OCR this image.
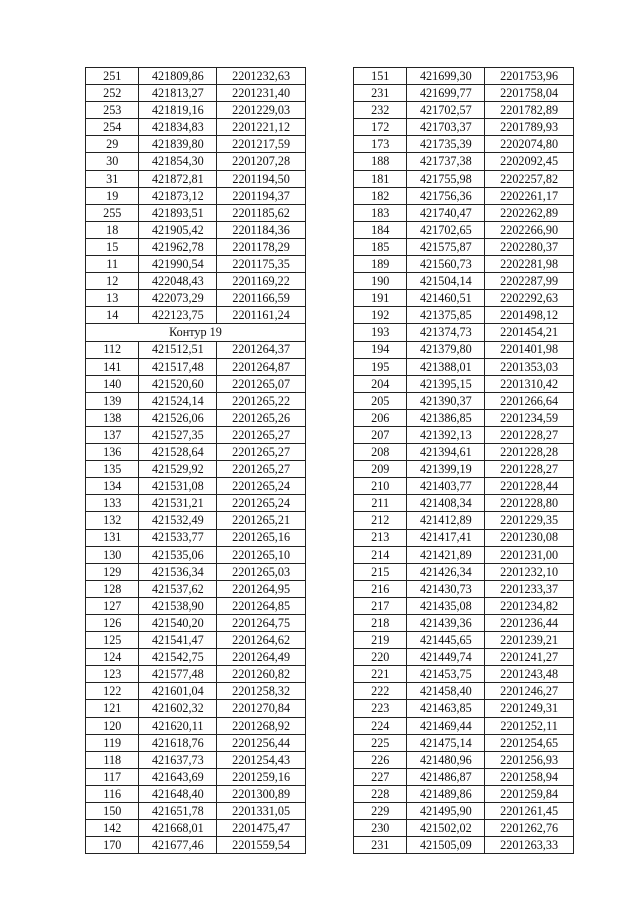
251	421809,86	2201232,63
252	421813,27	2201231,40
253	421819,16	2201229,03
254	421834,83	2201221,12
29	421839,80	2201217,59
30	421854,30	2201207,28
31	421872,81	2201194,50
19	421873,12	2201194,37
255	421893,51	2201185,62
18	421905,42	2201184,36
15	421962,78	2201178,29
11	421990,54	2201175,35
12	422048,43	2201169,22
13	422073,29	2201166,59
14	422123,75	2201161,24
Контур 19		
112	421512,51	2201264,37
141	421517,48	2201264,87
140	421520,60	2201265,07
139	421524,14	2201265,22
138	421526,06	2201265,26
137	421527,35	2201265,27
136	421528,64	2201265,27
135	421529,92	2201265,27
134	421531,08	2201265,24
133	421531,21	2201265,24
132	421532,49	2201265,21
131	421533,77	2201265,16
130	421535,06	2201265,10
129	421536,34	2201265,03
128	421537,62	2201264,95
127	421538,90	2201264,85
126	421540,20	2201264,75
125	421541,47	2201264,62
124	421542,75	2201264,49
123	421577,48	2201260,82
122	421601,04	2201258,32
121	421602,32	2201270,84
120	421620,11	2201268,92
119	421618,76	2201256,44
118	421637,73	2201254,43
117	421643,69	2201259,16
116	421648,40	2201300,89
150	421651,78	2201331,05
142	421668,01	2201475,47
170	421677,46	2201559,54
151	421699,30	2201753,96
231	421699,77	2201758,04
232	421702,57	2201782,89
172	421703,37	2201789,93
173	421735,39	2202074,80
188	421737,38	2202092,45
181	421755,98	2202257,82
182	421756,36	2202261,17
183	421740,47	2202262,89
184	421702,65	2202266,90
185	421575,87	2202280,37
189	421560,73	2202281,98
190	421504,14	2202287,99
191	421460,51	2202292,63
192	421375,85	2201498,12
193	421374,73	2201454,21
194	421379,80	2201401,98
195	421388,01	2201353,03
204	421395,15	2201310,42
205	421390,37	2201266,64
206	421386,85	2201234,59
207	421392,13	2201228,27
208	421394,61	2201228,28
209	421399,19	2201228,27
210	421403,77	2201228,44
211	421408,34	2201228,80
212	421412,89	2201229,35
213	421417,41	2201230,08
214	421421,89	2201231,00
215	421426,34	2201232,10
216	421430,73	2201233,37
217	421435,08	2201234,82
218	421439,36	2201236,44
219	421445,65	2201239,21
220	421449,74	2201241,27
221	421453,75	2201243,48
222	421458,40	2201246,27
223	421463,85	2201249,31
224	421469,44	2201252,11
225	421475,14	2201254,65
226	421480,96	2201256,93
227	421486,87	2201258,94
228	421489,86	2201259,84
229	421495,90	2201261,45
230	421502,02	2201262,76
231	421505,09	2201263,33
